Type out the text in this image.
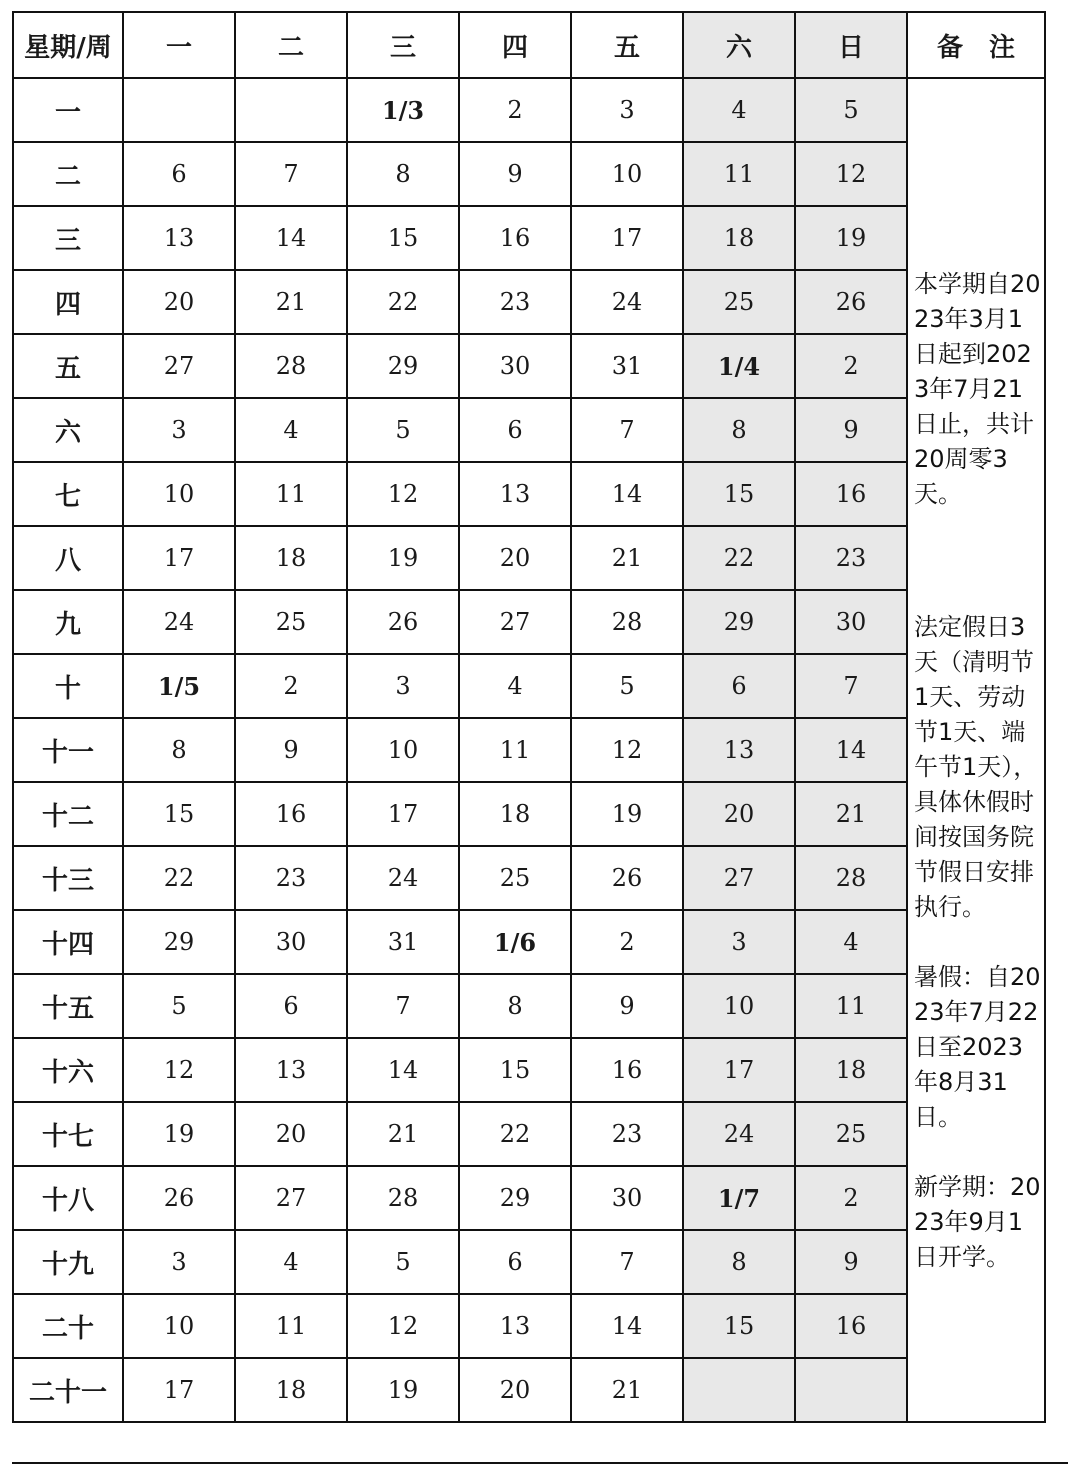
星期/周	一	二	三	四	五	六	日	备　注
一			1/3	2	3	4	5	本学期自2023年3月1日起到2023年7月21日止，共计20周零3天。

法定假日3天（清明节1天、劳动节1天、端午节1天），具体休假时间按国务院节假日安排执行。

暑假：自2023年7月22日至2023年8月31日。

新学期：2023年9月1日开学。

二	6	7	8	9	10	11	12	
三	13	14	15	16	17	18	19	
四	20	21	22	23	24	25	26	
五	27	28	29	30	31	1/4	2	
六	3	4	5	6	7	8	9	
七	10	11	12	13	14	15	16	
八	17	18	19	20	21	22	23	
九	24	25	26	27	28	29	30	
十	1/5	2	3	4	5	6	7	
十一	8	9	10	11	12	13	14	
十二	15	16	17	18	19	20	21	
十三	22	23	24	25	26	27	28	
十四	29	30	31	1/6	2	3	4	
十五	5	6	7	8	9	10	11	
十六	12	13	14	15	16	17	18	
十七	19	20	21	22	23	24	25	
十八	26	27	28	29	30	1/7	2	
十九	3	4	5	6	7	8	9	
二十	10	11	12	13	14	15	16	
二十一	17	18	19	20	21			
